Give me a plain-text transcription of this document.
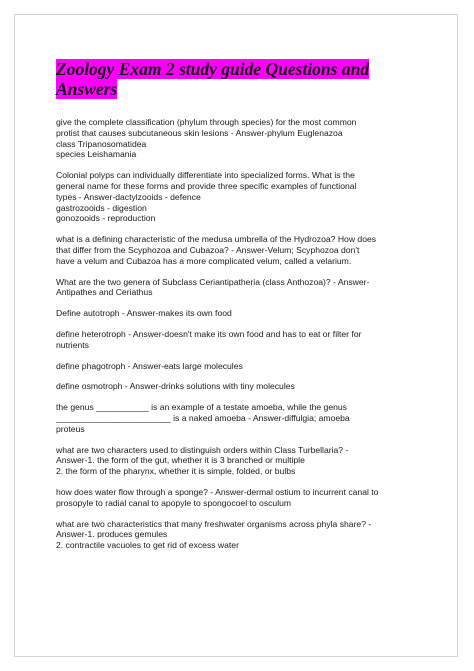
Zoology Exam 2 study guide Questions and
Answers
give the complete classification (phylum through species) for the most common
protist that causes subcutaneous skin lesions - Answer-phylum Euglenazoa
class Tripanosomatidea
species Leishamania
Colonial polyps can individually differentiate into specialized forms. What is the
general name for these forms and provide three specific examples of functional
types - Answer-dactylzooids - defence
gastrozooids - digestion
gonozooids - reproduction
what is a defining characteristic of the medusa umbrella of the Hydrozoa? How does
that differ from the Scyphozoa and Cubazoa? - Answer-Velum; Scyphozoa don't
have a velum and Cubazoa has a more complicated velum, called a velarium.
What are the two genera of Subclass Ceriantipatheria (class Anthozoa)? - Answer-
Antipathes and Ceriathus
Define autotroph - Answer-makes its own food
define heterotroph - Answer-doesn't make its own food and has to eat or filter for
nutrients
define phagotroph - Answer-eats large molecules
define osmotroph - Answer-drinks solutions with tiny molecules
the genus ___________ is an example of a testate amoeba, while the genus
________________________ is a naked amoeba - Answer-diffulgia; amoeba
proteus
what are two characters used to distinguish orders within Class Turbellaria? -
Answer-1. the form of the gut, whether it is 3 branched or multiple
2. the form of the pharynx, whether it is simple, folded, or bulbs
how does water flow through a sponge? - Answer-dermal ostium to incurrent canal to
prosopyle to radial canal to apopyle to spongocoel to osculum
what are two characteristics that many freshwater organisms across phyla share? -
Answer-1. produces gemules
2. contractile vacuoles to get rid of excess water
